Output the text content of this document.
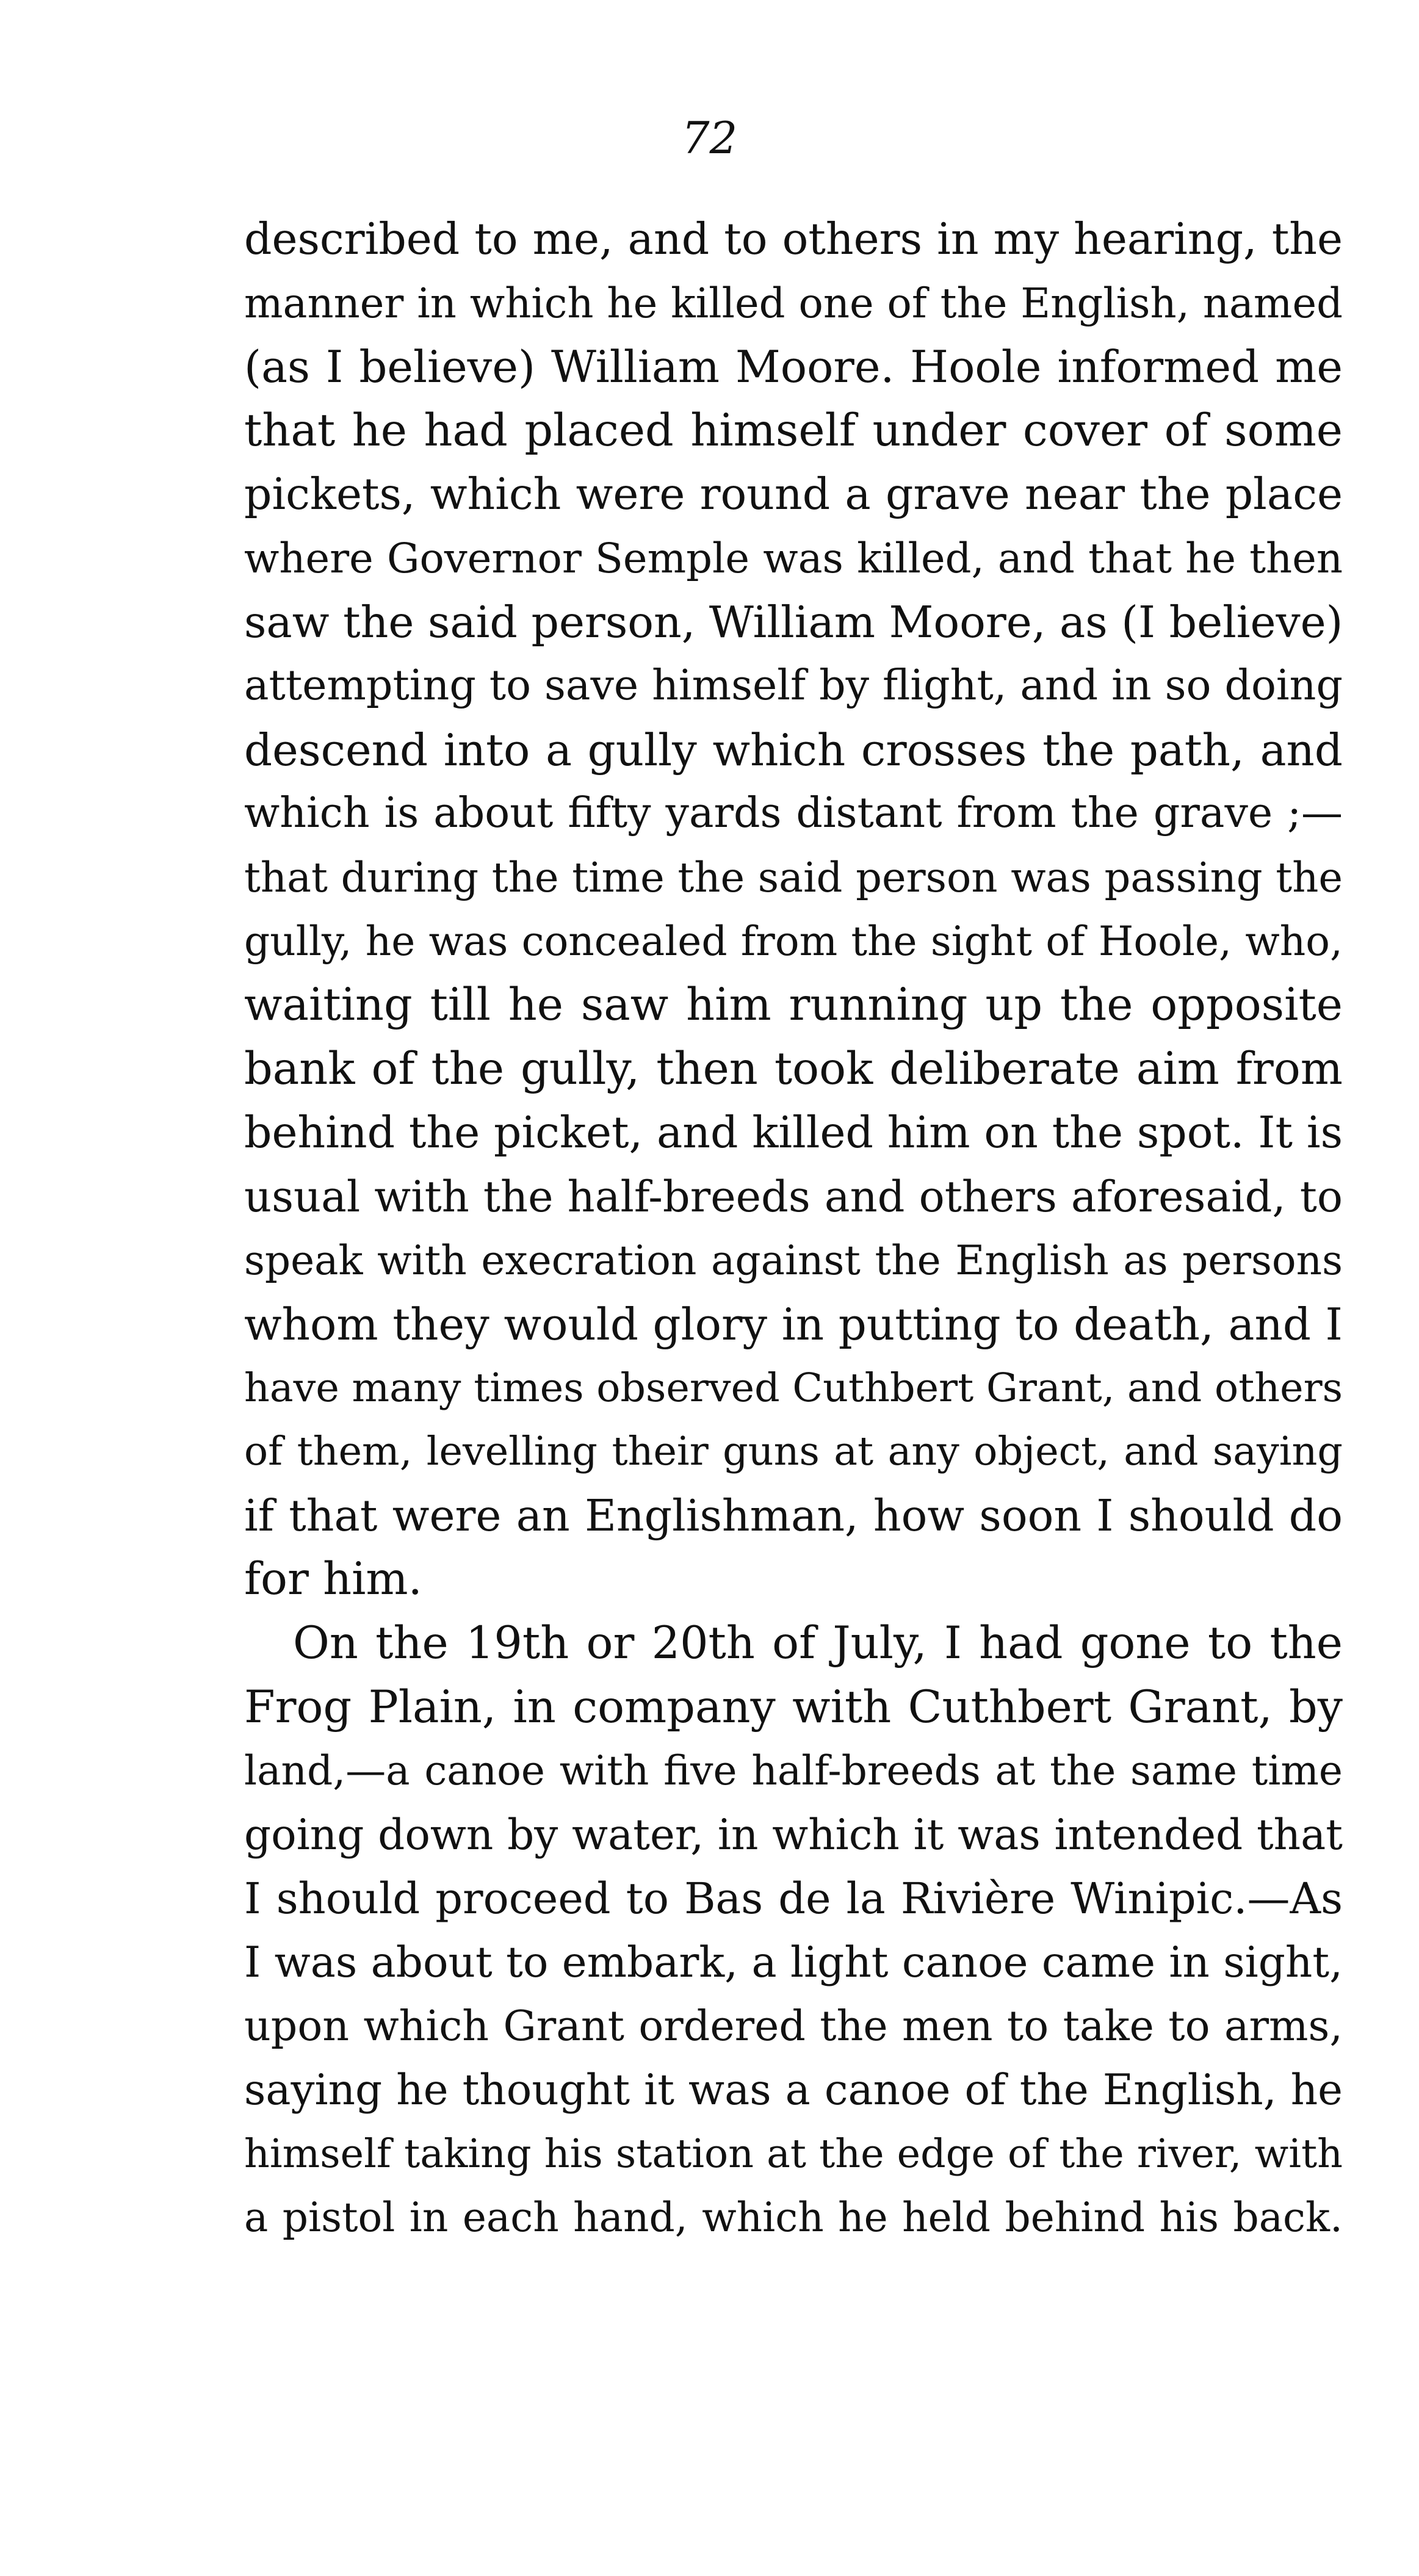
72
described to me, and to others in my hearing, the
manner in which he killed one of the English, named
(as I believe) William Moore. Hoole informed me
that he had placed himself under cover of some
pickets, which were round a grave near the place
where Governor Semple was killed, and that he then
saw the said person, William Moore, as (I believe)
attempting to save himself by flight, and in so doing
descend into a gully which crosses the path, and
which is about fifty yards distant from the grave ;—
that during the time the said person was passing the
gully, he was concealed from the sight of Hoole, who,
waiting till he saw him running up the opposite
bank of the gully, then took deliberate aim from
behind the picket, and killed him on the spot. It is
usual with the half-breeds and others aforesaid, to
speak with execration against the English as persons
whom they would glory in putting to death, and I
have many times observed Cuthbert Grant, and others
of them, levelling their guns at any object, and saying
if that were an Englishman, how soon I should do
for him.
On the 19th or 20th of July, I had gone to the
Frog Plain, in company with Cuthbert Grant, by
land,—a canoe with five half-breeds at the same time
going down by water, in which it was intended that
I should proceed to Bas de la Rivière Winipic.—As
I was about to embark, a light canoe came in sight,
upon which Grant ordered the men to take to arms,
saying he thought it was a canoe of the English, he
himself taking his station at the edge of the river, with
a pistol in each hand, which he held behind his back.
